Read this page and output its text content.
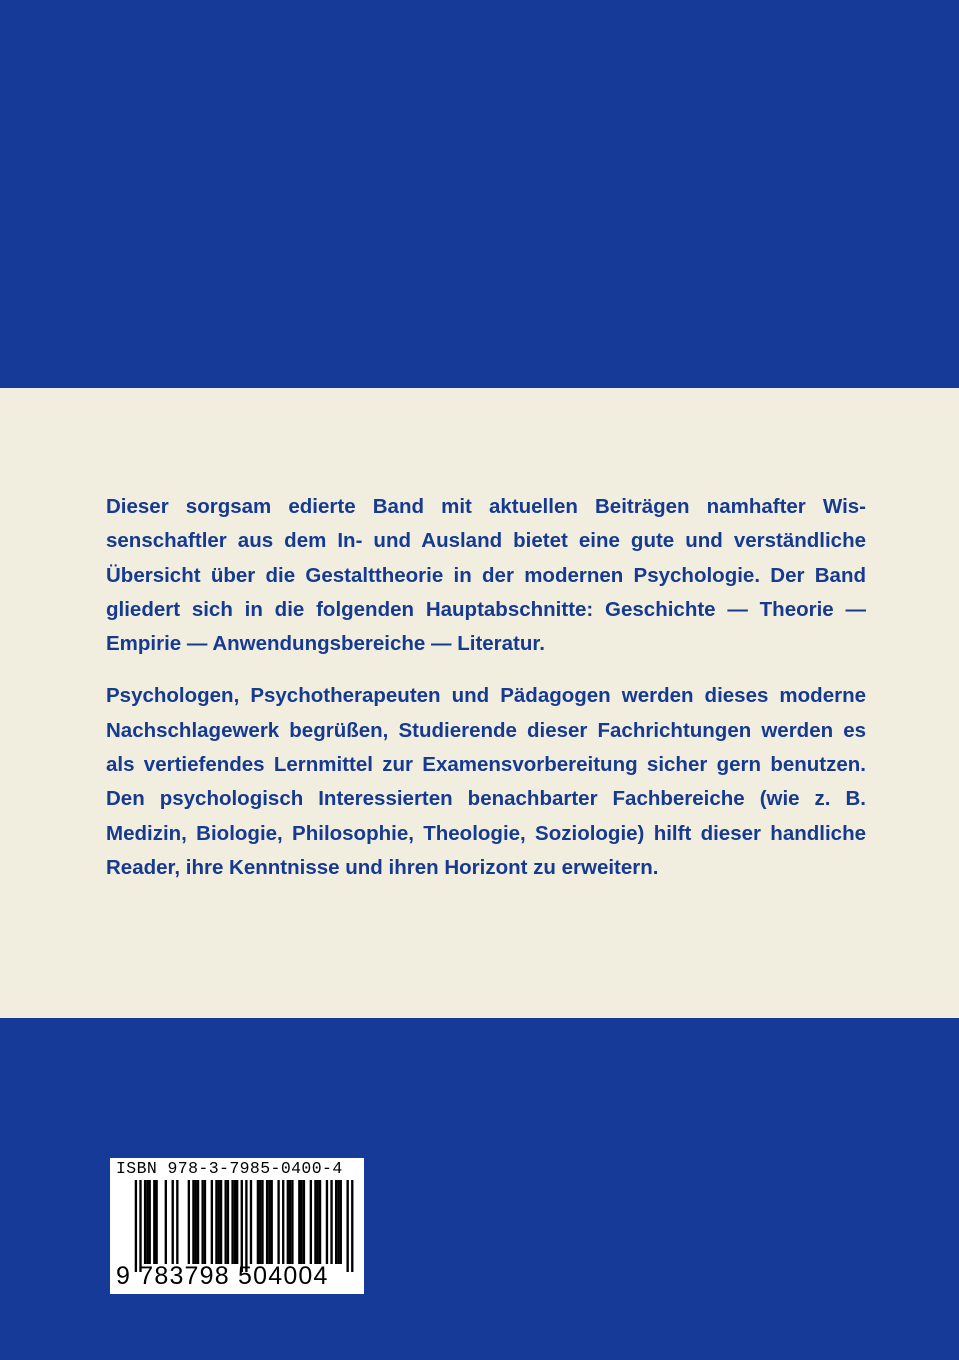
Dieser sorgsam edierte Band mit aktuellen Beiträgen namhafter Wissenschaftler aus dem In- und Ausland bietet eine gute und verständliche Übersicht über die Gestalttheorie in der modernen Psychologie. Der Band gliedert sich in die folgenden Hauptabschnitte: Geschichte — Theorie — Empirie — Anwendungsbereiche — Literatur.

Psychologen, Psychotherapeuten und Pädagogen werden dieses moderne Nachschlagewerk begrüßen, Studierende dieser Fachrichtungen werden es als vertiefendes Lernmittel zur Examensvorbereitung sicher gern benutzen. Den psychologisch Interessierten benachbarter Fachbereiche (wie z. B. Medizin, Biologie, Philosophie, Theologie, Soziologie) hilft dieser handliche Reader, ihre Kenntnisse und ihren Horizont zu erweitern.

ISBN 978-3-7985-0400-4
9 783798 504004
